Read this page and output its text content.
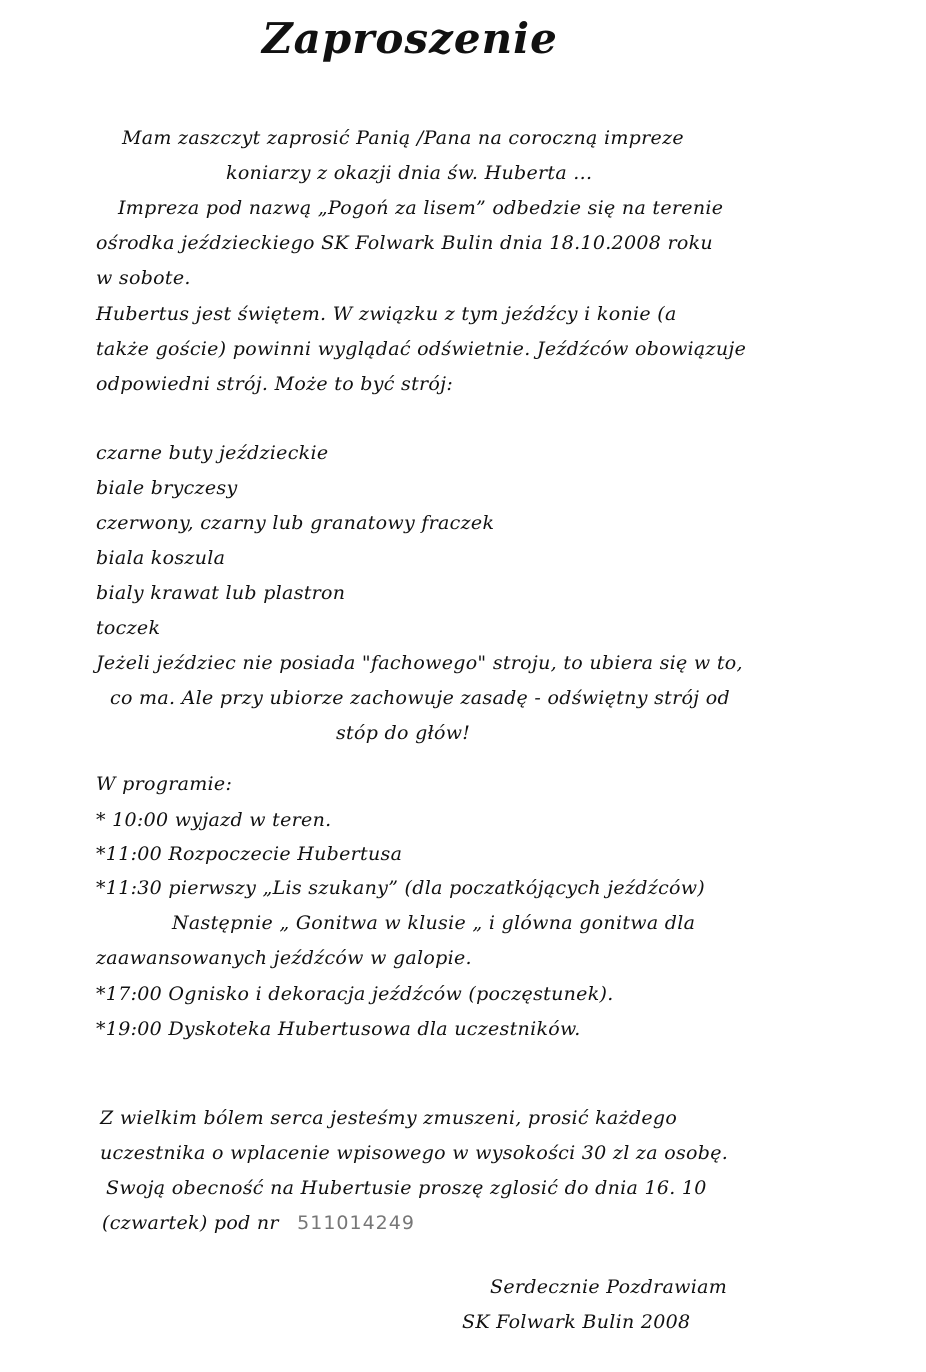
Zaproszenie
Mam zaszczyt zaprosić Panią /Pana na coroczną impreze
koniarzy z okazji dnia św. Huberta ...
Impreza pod nazwą „Pogoń za lisem” odbedzie się na terenie
ośrodka jeździeckiego SK Folwark Bulin dnia 18.10.2008 roku
w sobote.
Hubertus jest świętem. W związku z tym jeźdźcy i konie (a
także goście) powinni wyglądać odświetnie. Jeźdźców obowiązuje
odpowiedni strój. Może to być strój:
czarne buty jeździeckie
biale bryczesy
czerwony, czarny lub granatowy fraczek
biala koszula
bialy krawat lub plastron
toczek
Jeżeli jeździec nie posiada "fachowego" stroju, to ubiera się w to,
co ma. Ale przy ubiorze zachowuje zasadę - odświętny strój od
stóp do głów!
W programie:
* 10:00 wyjazd w teren.
*11:00 Rozpoczecie Hubertusa
*11:30 pierwszy „Lis szukany” (dla poczatkójących jeźdźców)
Następnie „ Gonitwa w klusie „ i glówna gonitwa dla
zaawansowanych jeźdźców w galopie.
*17:00 Ognisko i dekoracja jeźdźców (poczęstunek).
*19:00 Dyskoteka Hubertusowa dla uczestników.
Z wielkim bólem serca jesteśmy zmuszeni, prosić każdego
uczestnika o wplacenie wpisowego w wysokości 30 zl za osobę.
Swoją obecność na Hubertusie proszę zglosić do dnia 16. 10
(czwartek) pod nr 511014249
Serdecznie Pozdrawiam
SK Folwark Bulin 2008
